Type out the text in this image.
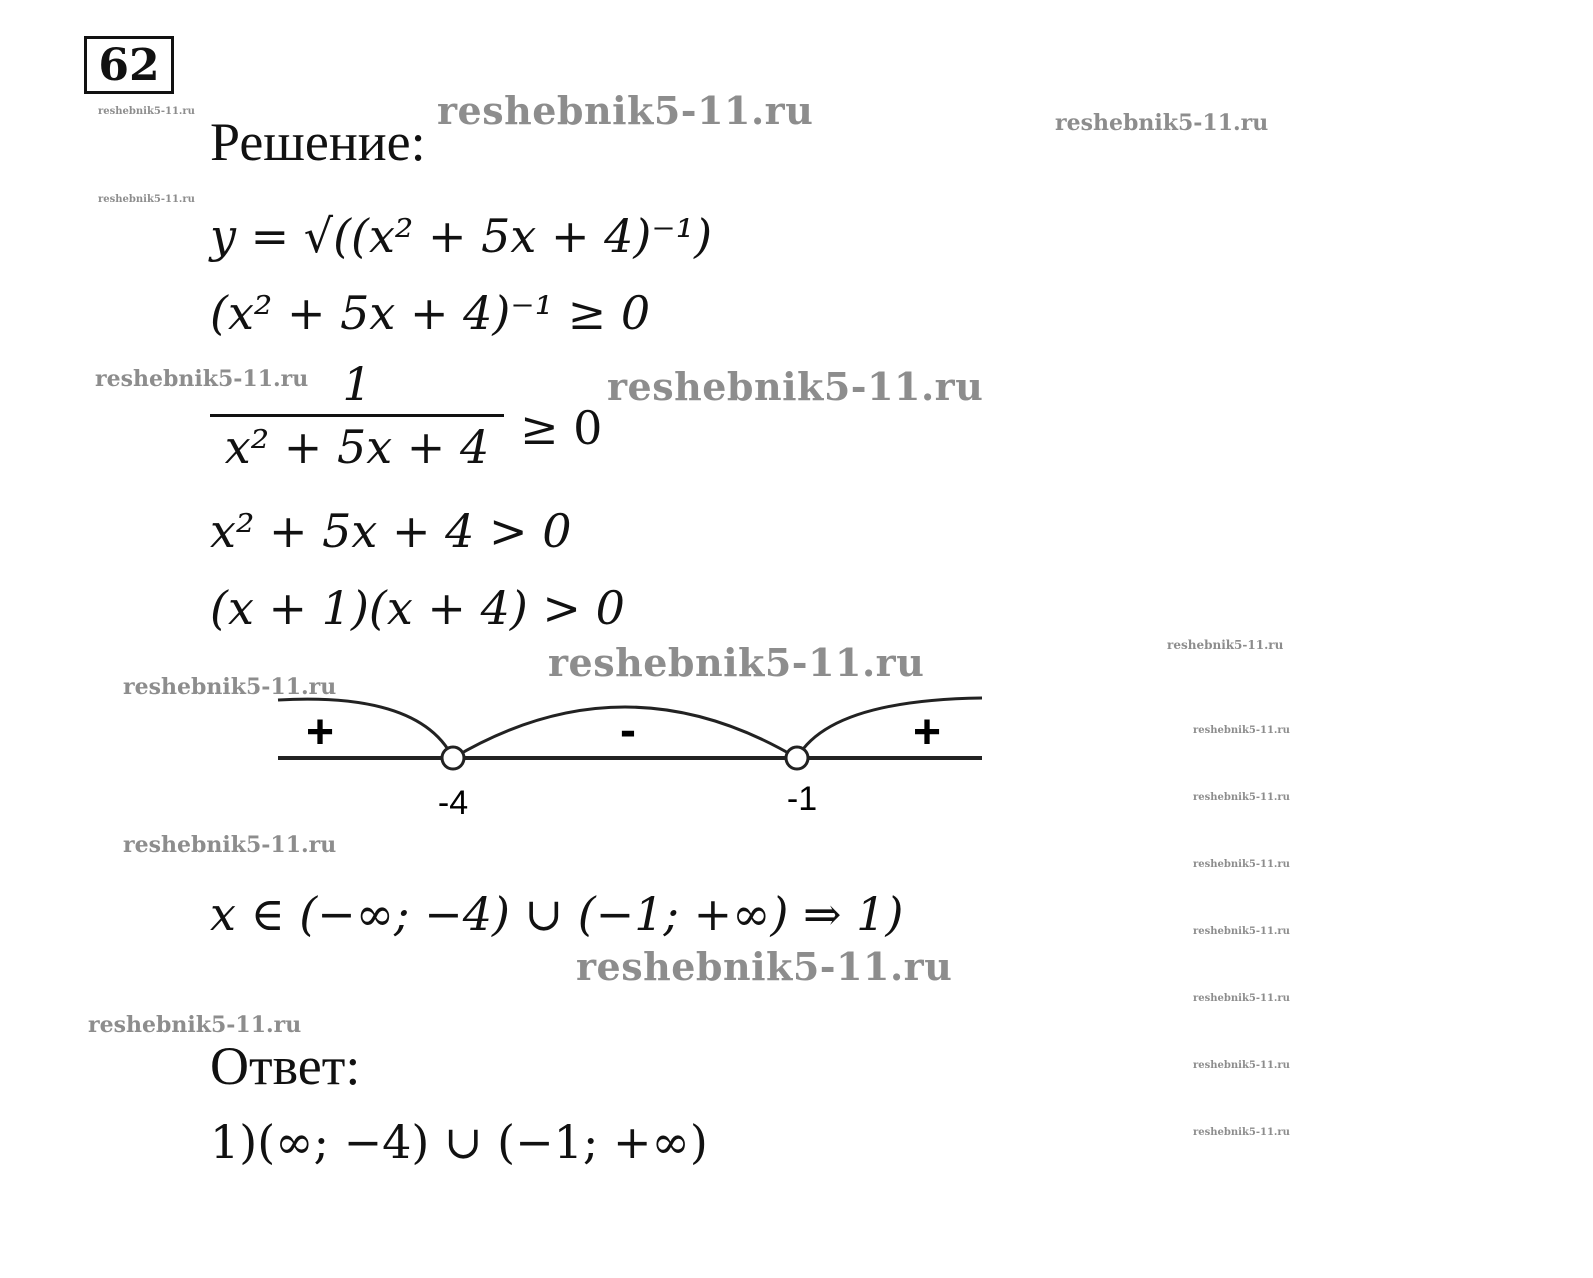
62
reshebnik5-11.ru	reshebnik5-11.ru	reshebnik5-11.ru
reshebnik5-11.ru
reshebnik5-11.ru	reshebnik5-11.ru
reshebnik5-11.ru
reshebnik5-11.ru
reshebnik5-11.ru
reshebnik5-11.ru
reshebnik5-11.ru
reshebnik5-11.ru
reshebnik5-11.ru
reshebnik5-11.ru
reshebnik5-11.ru
reshebnik5-11.ru
reshebnik5-11.ru
reshebnik5-11.ru
reshebnik5-11.ru
Решение:
y = √((x² + 5x + 4)⁻¹)
(x² + 5x + 4)⁻¹ ≥ 0
1
x² + 5x + 4 ≥ 0
x² + 5x + 4 > 0
(x + 1)(x + 4) > 0
+	-	+
-4	-1
x ∈ (−∞; −4) ∪ (−1; +∞) ⇒ 1)
Ответ:
1)(∞; −4) ∪ (−1; +∞)
